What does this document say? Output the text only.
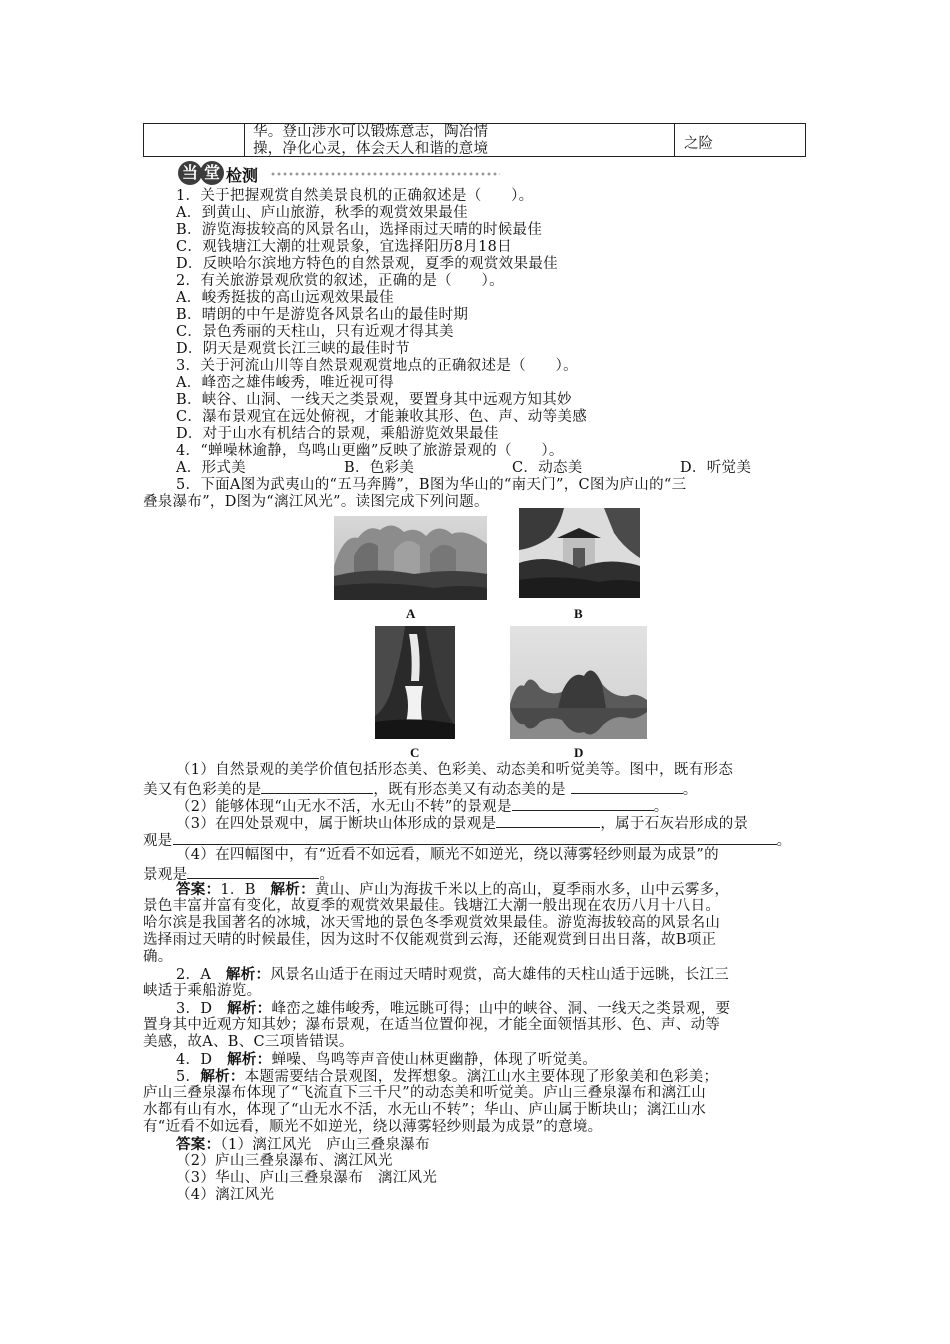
华。登山涉水可以锻炼意志，陶冶情
操，净化心灵，体会天人和谐的意境	之险
当 堂 检测
1．关于把握观赏自然美景良机的正确叙述是（　　）。
A．到黄山、庐山旅游，秋季的观赏效果最佳
B．游览海拔较高的风景名山，选择雨过天晴的时候最佳
C．观钱塘江大潮的壮观景象，宜选择阳历8月18日
D．反映哈尔滨地方特色的自然景观，夏季的观赏效果最佳
2．有关旅游景观欣赏的叙述，正确的是（　　）。
A．峻秀挺拔的高山远观效果最佳
B．晴朗的中午是游览各风景名山的最佳时期
C．景色秀丽的天柱山，只有近观才得其美
D．阴天是观赏长江三峡的最佳时节
3．关于河流山川等自然景观观赏地点的正确叙述是（　　）。
A．峰峦之雄伟峻秀，唯近视可得
B．峡谷、山洞、一线天之类景观，要置身其中远观方知其妙
C．瀑布景观宜在远处俯视，才能兼收其形、色、声、动等美感
D．对于山水有机结合的景观，乘船游览效果最佳
4．“蝉噪林逾静，鸟鸣山更幽”反映了旅游景观的（　　）。
A．形式美	B．色彩美	C．动态美	D．听觉美
5．下面A图为武夷山的“五马奔腾”，B图为华山的“南天门”，C图为庐山的“三
叠泉瀑布”，D图为“漓江风光”。读图完成下列问题。
A	B
C	D
（1）自然景观的美学价值包括形态美、色彩美、动态美和听觉美等。图中，既有形态
美又有色彩美的是	，既有形态美又有动态美的是	。
（2）能够体现“山无水不活，水无山不转”的景观是	。
（3）在四处景观中，属于断块山体形成的景观是	，属于石灰岩形成的景
观是	。
（4）在四幅图中，有“近看不如远看，顺光不如逆光，绕以薄雾轻纱则最为成景”的
景观是	。
答案：1．B　解析：黄山、庐山为海拔千米以上的高山，夏季雨水多，山中云雾多，
景色丰富并富有变化，故夏季的观赏效果最佳。钱塘江大潮一般出现在农历八月十八日。
哈尔滨是我国著名的冰城，冰天雪地的景色冬季观赏效果最佳。游览海拔较高的风景名山
选择雨过天晴的时候最佳，因为这时不仅能观赏到云海，还能观赏到日出日落，故B项正
确。
2．A　解析：风景名山适于在雨过天晴时观赏，高大雄伟的天柱山适于远眺，长江三
峡适于乘船游览。
3．D　解析：峰峦之雄伟峻秀，唯远眺可得；山中的峡谷、洞、一线天之类景观，要
置身其中近观方知其妙；瀑布景观，在适当位置仰视，才能全面领悟其形、色、声、动等
美感，故A、B、C三项皆错误。
4．D　解析：蝉噪、鸟鸣等声音使山林更幽静，体现了听觉美。
5．解析：本题需要结合景观图，发挥想象。漓江山水主要体现了形象美和色彩美；
庐山三叠泉瀑布体现了“飞流直下三千尺”的动态美和听觉美。庐山三叠泉瀑布和漓江山
水都有山有水，体现了“山无水不活，水无山不转”；华山、庐山属于断块山；漓江山水
有“近看不如远看，顺光不如逆光，绕以薄雾轻纱则最为成景”的意境。
答案：（1）漓江风光　庐山三叠泉瀑布
（2）庐山三叠泉瀑布、漓江风光
（3）华山、庐山三叠泉瀑布　漓江风光
（4）漓江风光
